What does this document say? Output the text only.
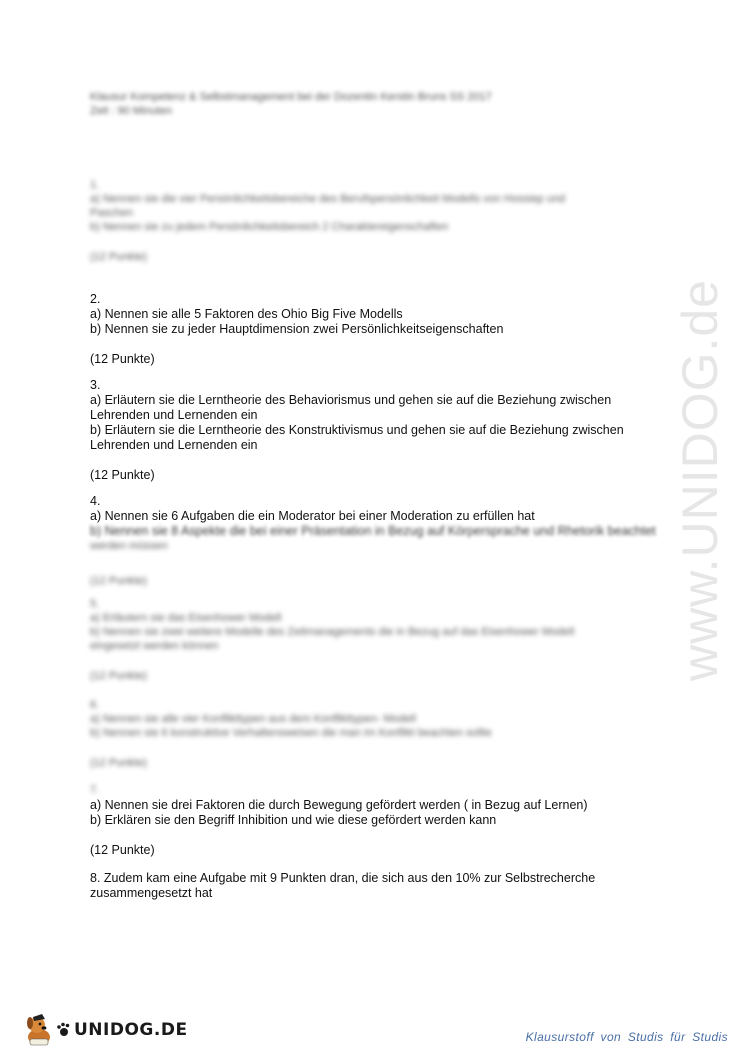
www.UNIDOG.de
Klausur Kompetenz & Selbstmanagement bei der Dozentin Kerstin Bruns SS 2017
Zeit : 90 Minuten
1.
a) Nennen sie die vier Persönlichkeitsbereiche des Berufspersönlichkeit Modells von Hossiep und
Paschen
b) Nennen sie zu jedem Persönlichkeitsbereich 2 Charaktereigenschaften
(12 Punkte)
2.
a) Nennen sie alle 5 Faktoren des Ohio Big Five Modells
b) Nennen sie zu jeder Hauptdimension zwei Persönlichkeitseigenschaften
(12 Punkte)
3.
a) Erläutern sie die Lerntheorie des Behaviorismus und gehen sie auf die Beziehung zwischen
Lehrenden und Lernenden ein
b) Erläutern sie die Lerntheorie des Konstruktivismus und gehen sie auf die Beziehung zwischen
Lehrenden und Lernenden ein
(12 Punkte)
4.
a) Nennen sie 6 Aufgaben die ein Moderator bei einer Moderation zu erfüllen hat
b) Nennen sie 8 Aspekte die bei einer Präsentation in Bezug auf Körpersprache und Rhetorik beachtet
werden müssen
(12 Punkte)
5.
a) Erläutern sie das Eisenhower Modell
b) Nennen sie zwei weitere Modelle des Zeitmanagements die in Bezug auf das Eisenhower Modell
eingesetzt werden können
(12 Punkte)
6.
a) Nennen sie alle vier Konflikttypen aus dem Konflikttypen- Modell
b) Nennen sie 6 konstruktive Verhaltensweisen die man im Konflikt beachten sollte
(12 Punkte)
7.
a) Nennen sie drei Faktoren die durch Bewegung gefördert werden ( in Bezug auf Lernen)
b) Erklären sie den Begriff Inhibition und wie diese gefördert werden kann
(12 Punkte)
8. Zudem kam eine Aufgabe mit 9 Punkten dran, die sich aus den 10% zur Selbstrecherche
zusammengesetzt hat
UNIDOG.DE	Klausurstoff von Studis für Studis
